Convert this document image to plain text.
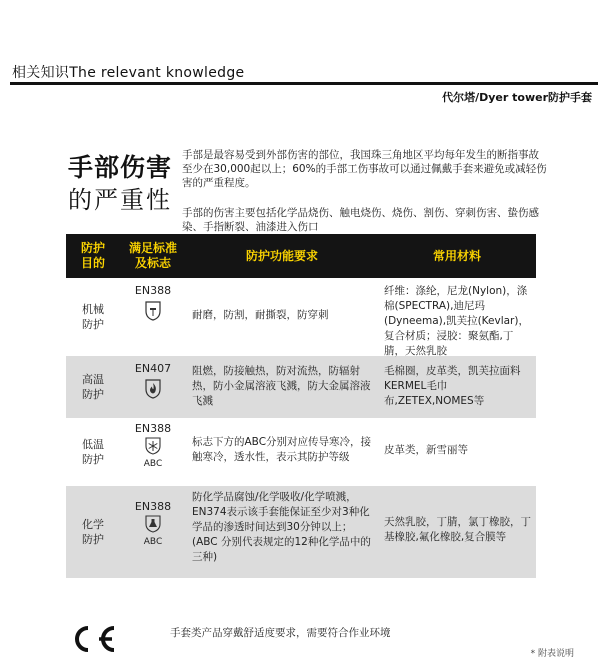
相关知识The relevant knowledge
代尔塔/Dyer tower防护手套
手部伤害
的严重性
手部是最容易受到外部伤害的部位，我国珠三角地区平均每年发生的断指事故至少在30,000起以上；60%的手部工伤事故可以通过佩戴手套来避免或减轻伤害的严重程度。
手部的伤害主要包括化学品烧伤、触电烧伤、烧伤、割伤、穿刺伤害、蛰伤感染、手指断裂、油漆进入伤口
防护
目的
满足标准
及标志
防护功能要求	常用材料
机械
防护
EN388
耐磨，防割，耐撕裂，防穿刺
纤维：涤纶，尼龙(Nylon)，涤棉(SPECTRA),迪尼玛(Dyneema),凯芙拉(Kevlar)，复合材质；浸胶：聚氨酯,丁腈，天然乳胶
高温
防护
EN407	阻燃，防接触热，防对流热，防辐射热，防小金属溶液飞溅，防大金属溶液飞溅
毛棉圈，皮革类，凯芙拉面料KERMEL毛巾布,ZETEX,NOMES等
低温
防护
EN388
ABC
标志下方的ABC分别对应传导寒冷，接触寒冷，透水性，表示其防护等级
皮革类，新雪丽等
化学
防护
EN388
ABC
防化学品腐蚀/化学吸收/化学喷溅，EN374表示该手套能保证至少对3种化学品的渗透时间达到30分钟以上；(ABC 分别代表规定的12种化学品中的三种)
天然乳胶，丁腈，氯丁橡胶，丁基橡胶,氟化橡胶,复合膜等
手套类产品穿戴舒适度要求，需要符合作业环境
* 附表说明
